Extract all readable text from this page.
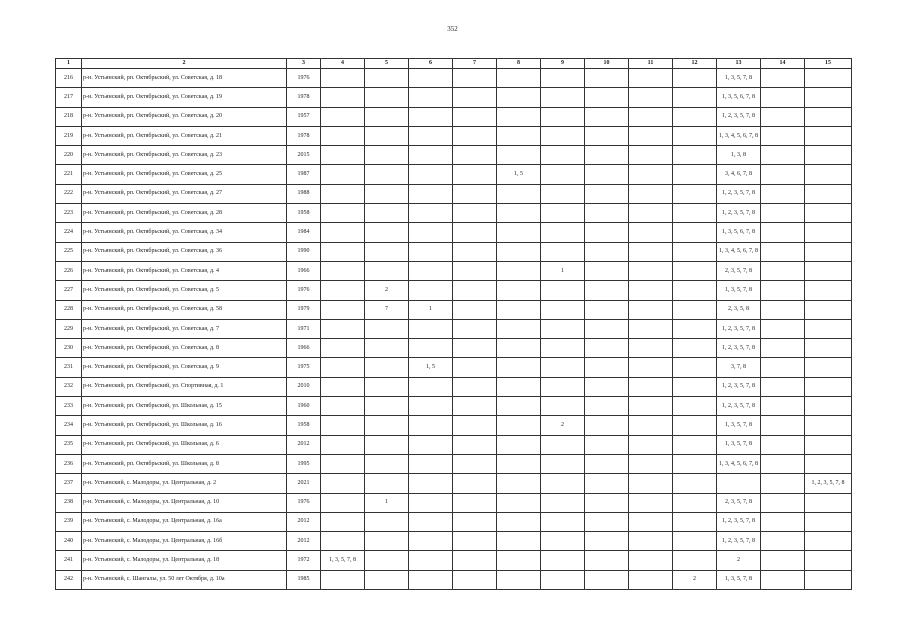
352
1	2	3	4	5	6	7	8	9	10	11	12	13	14	15
216	р-н. Устьянский, рп. Октябрьский, ул. Советская, д. 18	1976										1, 3, 5, 7, 8		
217	р-н. Устьянский, рп. Октябрьский, ул. Советская, д. 19	1978										1, 3, 5, 6, 7, 8		
218	р-н. Устьянский, рп. Октябрьский, ул. Советская, д. 20	1957										1, 2, 3, 5, 7, 8		
219	р-н. Устьянский, рп. Октябрьский, ул. Советская, д. 21	1978										1, 3, 4, 5, 6, 7, 8		
220	р-н. Устьянский, рп. Октябрьский, ул. Советская, д. 23	2015										1, 3, 8		
221	р-н. Устьянский, рп. Октябрьский, ул. Советская, д. 25	1987					1, 5					3, 4, 6, 7, 8		
222	р-н. Устьянский, рп. Октябрьский, ул. Советская, д. 27	1988										1, 2, 3, 5, 7, 8		
223	р-н. Устьянский, рп. Октябрьский, ул. Советская, д. 28	1958										1, 2, 3, 5, 7, 8		
224	р-н. Устьянский, рп. Октябрьский, ул. Советская, д. 34	1984										1, 3, 5, 6, 7, 8		
225	р-н. Устьянский, рп. Октябрьский, ул. Советская, д. 36	1990										1, 3, 4, 5, 6, 7, 8		
226	р-н. Устьянский, рп. Октябрьский, ул. Советская, д. 4	1966						1				2, 3, 5, 7, 8		
227	р-н. Устьянский, рп. Октябрьский, ул. Советская, д. 5	1976		2								1, 3, 5, 7, 8		
228	р-н. Устьянский, рп. Октябрьский, ул. Советская, д. 58	1979		7	1							2, 3, 5, 8		
229	р-н. Устьянский, рп. Октябрьский, ул. Советская, д. 7	1971										1, 2, 3, 5, 7, 8		
230	р-н. Устьянский, рп. Октябрьский, ул. Советская, д. 8	1966										1, 2, 3, 5, 7, 8		
231	р-н. Устьянский, рп. Октябрьский, ул. Советская, д. 9	1975			1, 5							3, 7, 8		
232	р-н. Устьянский, рп. Октябрьский, ул. Спортивная, д. 1	2010										1, 2, 3, 5, 7, 8		
233	р-н. Устьянский, рп. Октябрьский, ул. Школьная, д. 15	1960										1, 2, 3, 5, 7, 8		
234	р-н. Устьянский, рп. Октябрьский, ул. Школьная, д. 16	1958						2				1, 3, 5, 7, 8		
235	р-н. Устьянский, рп. Октябрьский, ул. Школьная, д. 6	2012										1, 3, 5, 7, 8		
236	р-н. Устьянский, рп. Октябрьский, ул. Школьная, д. 8	1995										1, 3, 4, 5, 6, 7, 8		
237	р-н. Устьянский, с. Малодоры, ул. Центральная, д. 2	2021												1, 2, 3, 5, 7, 8
238	р-н. Устьянский, с. Малодоры, ул. Центральная, д. 10	1976		1								2, 3, 5, 7, 8		
239	р-н. Устьянский, с. Малодоры, ул. Центральная, д. 16а	2012										1, 2, 3, 5, 7, 8		
240	р-н. Устьянский, с. Малодоры, ул. Центральная, д. 16б	2012										1, 2, 3, 5, 7, 8		
241	р-н. Устьянский, с. Малодоры, ул. Центральная, д. 18	1972	1, 3, 5, 7, 8									2		
242	р-н. Устьянский, с. Шангалы, ул. 50 лет Октября, д. 10а	1985									2	1, 3, 5, 7, 8		
